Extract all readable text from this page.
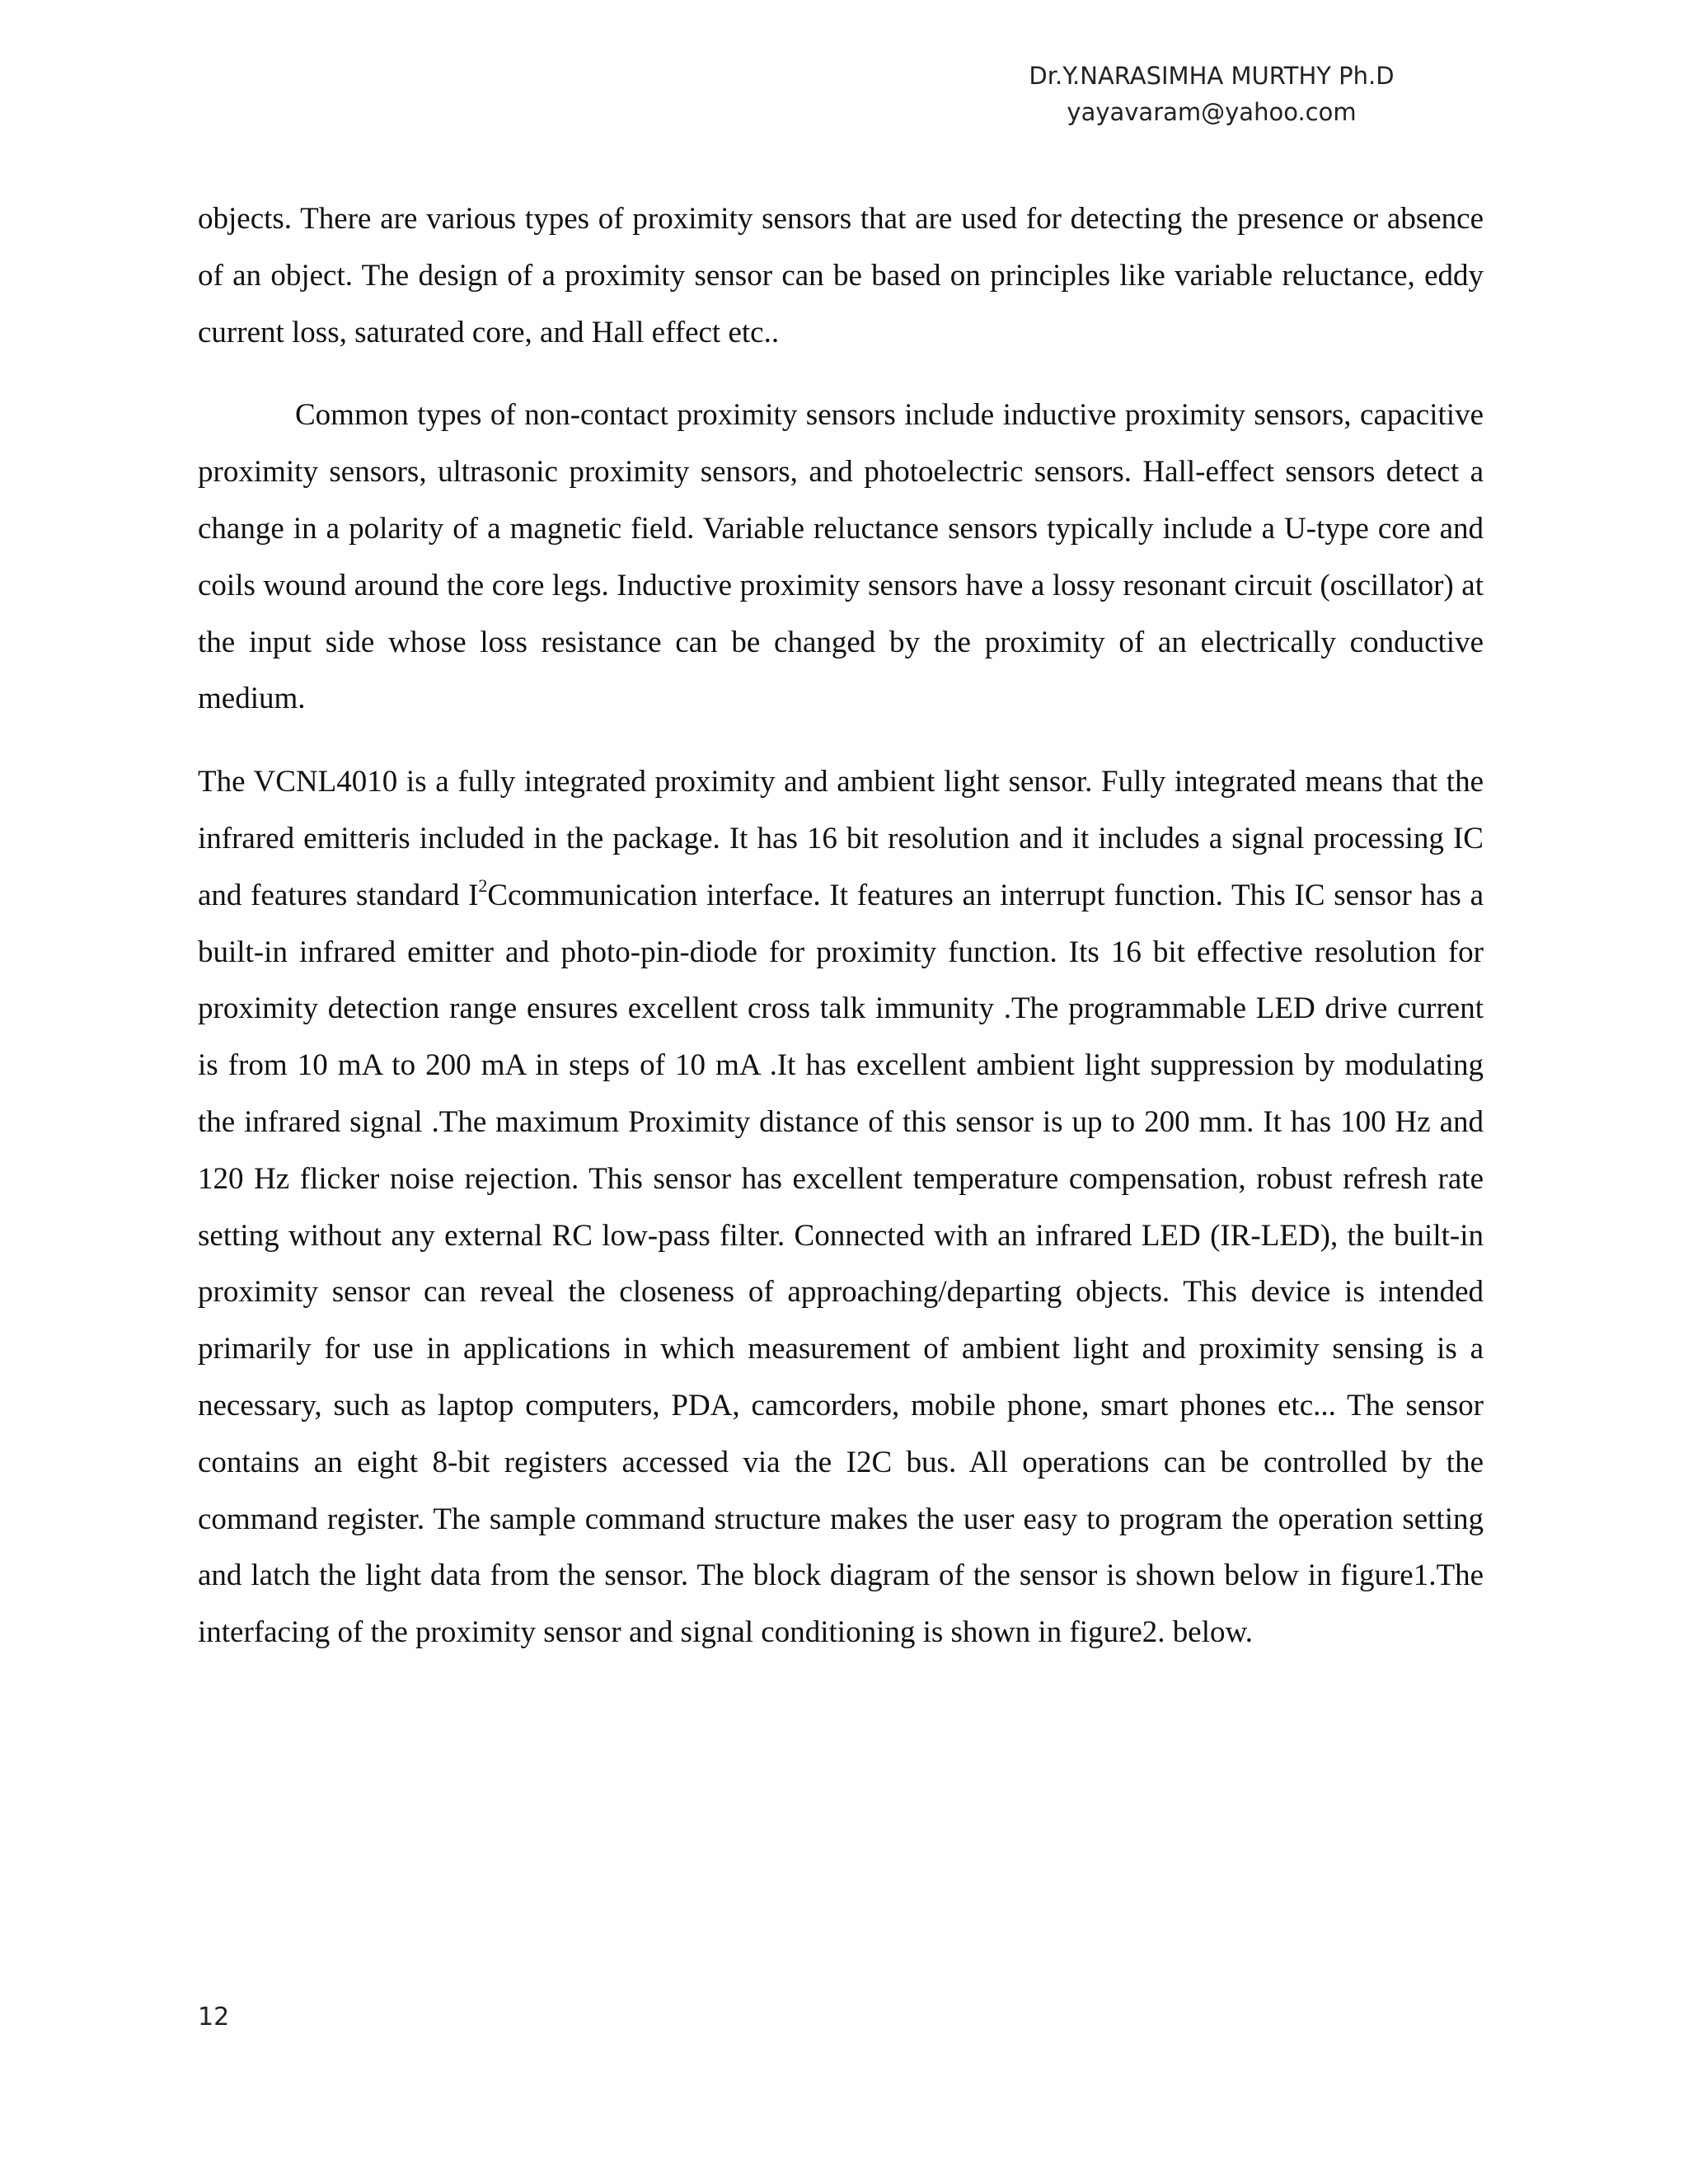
Dr.Y.NARASIMHA MURTHY Ph.D
yayavaram@yahoo.com

objects. There are various types of proximity sensors that are used for detecting the presence or absence of an object. The design of a proximity sensor can be based on principles like variable reluctance, eddy current loss, saturated core, and Hall effect etc..

Common types of non-contact proximity sensors include inductive proximity sensors, capacitive proximity sensors, ultrasonic proximity sensors, and photoelectric sensors. Hall-effect sensors detect a change in a polarity of a magnetic field. Variable reluctance sensors typically include a U-type core and coils wound around the core legs. Inductive proximity sensors have a lossy resonant circuit (oscillator) at the input side whose loss resistance can be changed by the proximity of an electrically conductive medium.

The VCNL4010 is a fully integrated proximity and ambient light sensor. Fully integrated means that the infrared emitteris included in the package. It has 16 bit resolution and it includes a signal processing IC and features standard $I^2Ccommunication$ interface. It features an interrupt function. This IC sensor has a built-in infrared emitter and photo-pin-diode for proximity function. Its 16 bit effective resolution for proximity detection range ensures excellent cross talk immunity .The programmable LED drive current is from 10 mA to 200 mA in steps of 10 mA .It has excellent ambient light suppression by modulating the infrared signal .The maximum Proximity distance of this sensor is up to 200 mm. It has 100 Hz and 120 Hz flicker noise rejection. This sensor has excellent temperature compensation, robust refresh rate setting without any external RC low-pass filter. Connected with an infrared LED (IR-LED), the built-in proximity sensor can reveal the closeness of approaching/departing objects. This device is intended primarily for use in applications in which measurement of ambient light and proximity sensing is a necessary, such as laptop computers, PDA, camcorders, mobile phone, smart phones etc... The sensor contains an eight 8-bit registers accessed via the I2C bus. All operations can be controlled by the command register. The sample command structure makes the user easy to program the operation setting and latch the light data from the sensor. The block diagram of the sensor is shown below in figure1.The interfacing of the proximity sensor and signal conditioning is shown in figure2. below.

12
